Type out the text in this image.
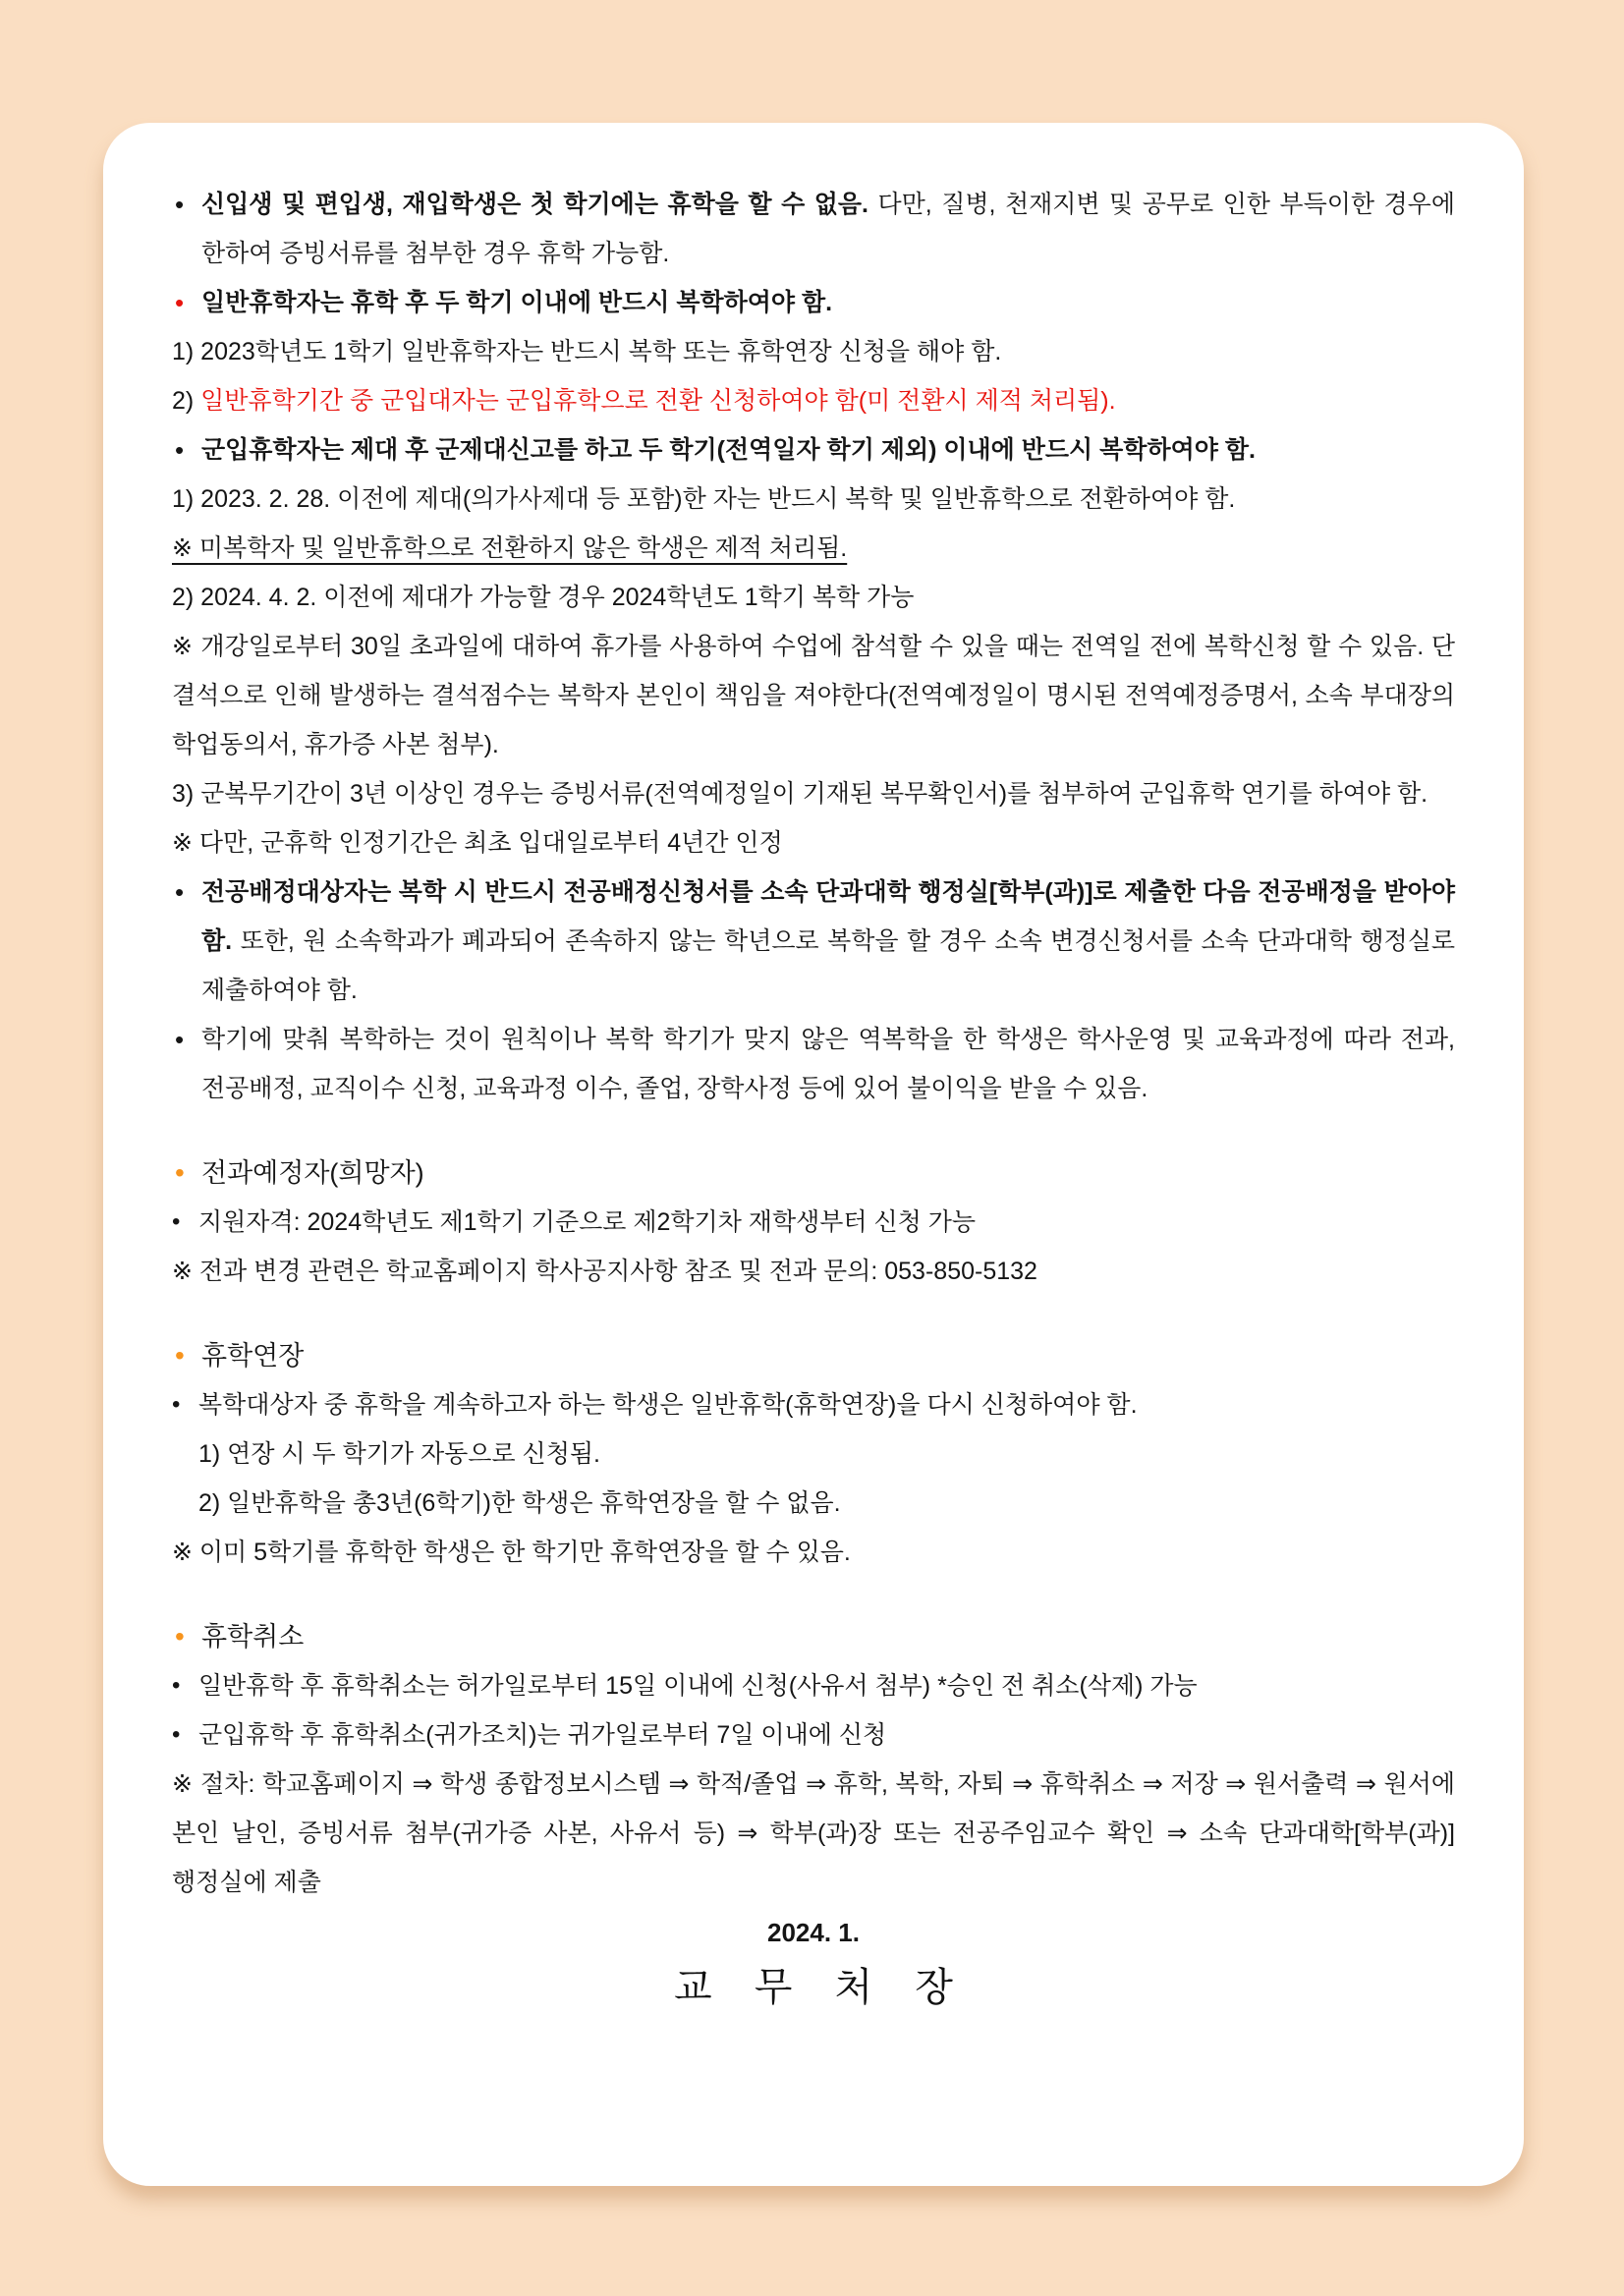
• 신입생 및 편입생, 재입학생은 첫 학기에는 휴학을 할 수 없음. 다만, 질병, 천재지변 및 공무로 인한 부득이한 경우에 한하여 증빙서류를 첨부한 경우 휴학 가능함.

• 일반휴학자는 휴학 후 두 학기 이내에 반드시 복학하여야 함.

1) 2023학년도 1학기 일반휴학자는 반드시 복학 또는 휴학연장 신청을 해야 함.

2) 일반휴학기간 중 군입대자는 군입휴학으로 전환 신청하여야 함(미 전환시 제적 처리됨).

• 군입휴학자는 제대 후 군제대신고를 하고 두 학기(전역일자 학기 제외) 이내에 반드시 복학하여야 함.

1) 2023. 2. 28. 이전에 제대(의가사제대 등 포함)한 자는 반드시 복학 및 일반휴학으로 전환하여야 함.

※ 미복학자 및 일반휴학으로 전환하지 않은 학생은 제적 처리됨.

2) 2024. 4. 2. 이전에 제대가 가능할 경우 2024학년도 1학기 복학 가능

※ 개강일로부터 30일 초과일에 대하여 휴가를 사용하여 수업에 참석할 수 있을 때는 전역일 전에 복학신청 할 수 있음. 단 결석으로 인해 발생하는 결석점수는 복학자 본인이 책임을 져야한다(전역예정일이 명시된 전역예정증명서, 소속 부대장의 학업동의서, 휴가증 사본 첨부).

3) 군복무기간이 3년 이상인 경우는 증빙서류(전역예정일이 기재된 복무확인서)를 첨부하여 군입휴학 연기를 하여야 함.

※ 다만, 군휴학 인정기간은 최초 입대일로부터 4년간 인정

• 전공배정대상자는 복학 시 반드시 전공배정신청서를 소속 단과대학 행정실[학부(과)]로 제출한 다음 전공배정을 받아야 함. 또한, 원 소속학과가 폐과되어 존속하지 않는 학년으로 복학을 할 경우 소속 변경신청서를 소속 단과대학 행정실로 제출하여야 함.

• 학기에 맞춰 복학하는 것이 원칙이나 복학 학기가 맞지 않은 역복학을 한 학생은 학사운영 및 교육과정에 따라 전과, 전공배정, 교직이수 신청, 교육과정 이수, 졸업, 장학사정 등에 있어 불이익을 받을 수 있음.

• 전과예정자(희망자)

• 지원자격: 2024학년도 제1학기 기준으로 제2학기차 재학생부터 신청 가능

※ 전과 변경 관련은 학교홈페이지 학사공지사항 참조 및 전과 문의: 053-850-5132

• 휴학연장

• 복학대상자 중 휴학을 계속하고자 하는 학생은 일반휴학(휴학연장)을 다시 신청하여야 함.

1) 연장 시 두 학기가 자동으로 신청됨.

2) 일반휴학을 총3년(6학기)한 학생은 휴학연장을 할 수 없음.

※ 이미 5학기를 휴학한 학생은 한 학기만 휴학연장을 할 수 있음.

• 휴학취소

• 일반휴학 후 휴학취소는 허가일로부터 15일 이내에 신청(사유서 첨부) *승인 전 취소(삭제) 가능

• 군입휴학 후 휴학취소(귀가조치)는 귀가일로부터 7일 이내에 신청

※ 절차: 학교홈페이지 ⇒ 학생 종합정보시스템 ⇒ 학적/졸업 ⇒ 휴학, 복학, 자퇴 ⇒ 휴학취소 ⇒ 저장 ⇒ 원서출력 ⇒ 원서에 본인 날인, 증빙서류 첨부(귀가증 사본, 사유서 등) ⇒ 학부(과)장 또는 전공주임교수 확인 ⇒ 소속 단과대학[학부(과)] 행정실에 제출

2024. 1.

교 무 처 장
